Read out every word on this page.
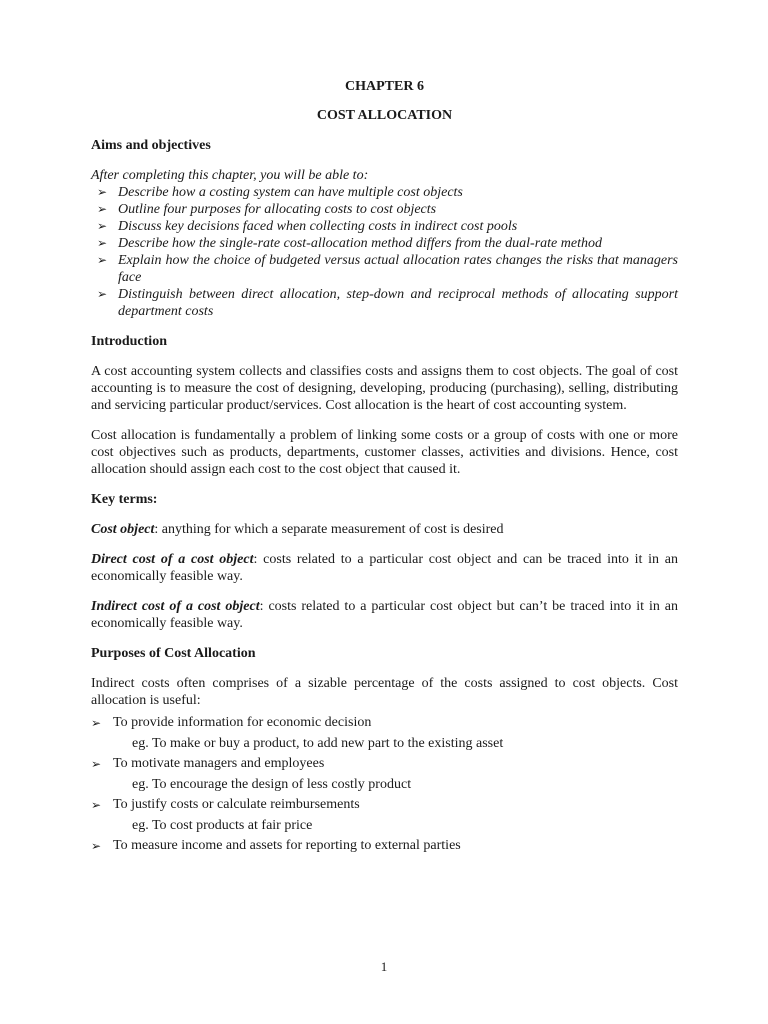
CHAPTER 6
COST ALLOCATION
Aims and objectives

After completing this chapter, you will be able to:

➢ Describe how a costing system can have multiple cost objects
➢ Outline four purposes for allocating costs to cost objects
➢ Discuss key decisions faced when collecting costs in indirect cost pools
➢ Describe how the single-rate cost-allocation method differs from the dual-rate method
➢ Explain how the choice of budgeted versus actual allocation rates changes the risks that managers face
➢ Distinguish between direct allocation, step-down and reciprocal methods of allocating support department costs
Introduction

A cost accounting system collects and classifies costs and assigns them to cost objects. The goal of cost accounting is to measure the cost of designing, developing, producing (purchasing), selling, distributing and servicing particular product/services. Cost allocation is the heart of cost accounting system.

Cost allocation is fundamentally a problem of linking some costs or a group of costs with one or more cost objectives such as products, departments, customer classes, activities and divisions. Hence, cost allocation should assign each cost to the cost object that caused it.

Key terms:

Cost object: anything for which a separate measurement of cost is desired

Direct cost of a cost object: costs related to a particular cost object and can be traced into it in an economically feasible way.

Indirect cost of a cost object: costs related to a particular cost object but can’t be traced into it in an economically feasible way.

Purposes of Cost Allocation

Indirect costs often comprises of a sizable percentage of the costs assigned to cost objects. Cost allocation is useful:

➢ To provide information for economic decision
eg. To make or buy a product, to add new part to the existing asset
➢ To motivate managers and employees
eg. To encourage the design of less costly product
➢ To justify costs or calculate reimbursements
eg. To cost products at fair price
➢ To measure income and assets for reporting to external parties
1
